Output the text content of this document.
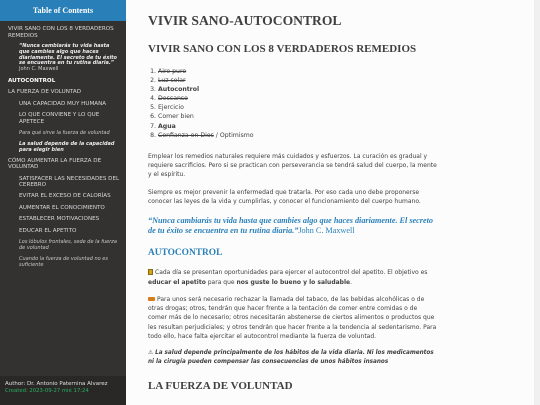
Table of Contents
VIVIR SANO CON LOS 8 VERDADEROS REMEDIOS
“Nunca cambiarás tu vida hasta que cambies algo que haces diariamente. El secreto de tu éxito se encuentra en tu rutina diaria.”
John C. Maxwell
AUTOCONTROL
LA FUERZA DE VOLUNTAD
UNA CAPACIDAD MUY HUMANA
LO QUE CONVIENE Y LO QUE APETECE
Para qué sirve la fuerza de voluntad
La salud depende de la capacidad para elegir bien
CÓMO AUMENTAR LA FUERZA DE VOLUNTAD
SATISFACER LAS NECESIDADES DEL CEREBRO
EVITAR EL EXCESO DE CALORÍAS
AUMENTAR EL CONOCIMIENTO
ESTABLECER MOTIVACIONES
EDUCAR EL APETITO
Los lóbulos frontales, sede de la fuerza de voluntad
Cuando la fuerza de voluntad no es suficiente
Author: Dr. Antonio Paternina Alvarez
Created: 2023-09-27 mié 17:24
VIVIR SANO-AUTOCONTROL
VIVIR SANO CON LOS 8 VERDADEROS REMEDIOS
1. Aire puro
2. Luz solar
3. Autocontrol
4. Descanso
5. Ejercicio
6. Comer bien
7. Agua
8. Confianza en Dios / Optimismo

Emplear los remedios naturales requiere más cuidados y esfuerzos. La curación es gradual y requiere sacrificios. Pero si se practican con perseverancia se tendrá salud del cuerpo, la mente y el espíritu.

Siempre es mejor prevenir la enfermedad que tratarla. Por eso cada uno debe proponerse conocer las leyes de la vida y cumplirlas, y conocer el funcionamiento del cuerpo humano.

“Nunca cambiarás tu vida hasta que cambies algo que haces diariamente. El secreto de tu éxito se encuentra en tu rutina diaria.”John C. Maxwell
AUTOCONTROL

Cada día se presentan oportunidades para ejercer el autocontrol del apetito. El objetivo es educar el apetito para que nos guste lo bueno y lo saludable.

Para unos será necesario rechazar la llamada del tabaco, de las bebidas alcohólicas o de otras drogas; otros, tendrán que hacer frente a la tentación de comer entre comidas o de comer más de lo necesario; otros necesitarán abstenerse de ciertos alimentos o productos que les resultan perjudiciales; y otros tendrán que hacer frente a la tendencia al sedentarismo. Para todo ello, hace falta ejercitar el autocontrol mediante la fuerza de voluntad.

⚠ La salud depende principalmente de los hábitos de la vida diaria. Ni los medicamentos ni la cirugía pueden compensar las consecuencias de unos hábitos insanos
LA FUERZA DE VOLUNTAD
